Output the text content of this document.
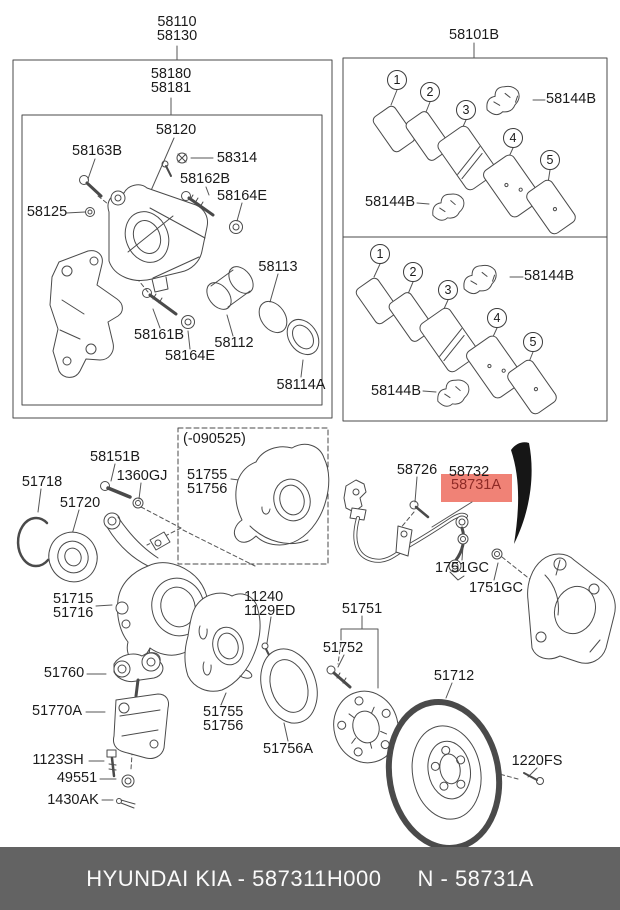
58110
58130
58180
58181
58120
58163B	58314
58162B
58164E
58125
58113
58161B 58112
58164E
58114A
58101B
58144B
58144B
58144B
58144B
1
2
3
4
5
1
2
3
4
5
(-090525)
51755
51756
58151B
1360GJ
51718
51720
51715
51716
11240
1129ED
58726 58732
58731A
1751GC
1751GC
51751
51752
51755
51756
51756A
51760
51770A
1123SH
49551
1430AK
51712
1220FS
HYUNDAI KIA - 587311H000 N - 58731A
